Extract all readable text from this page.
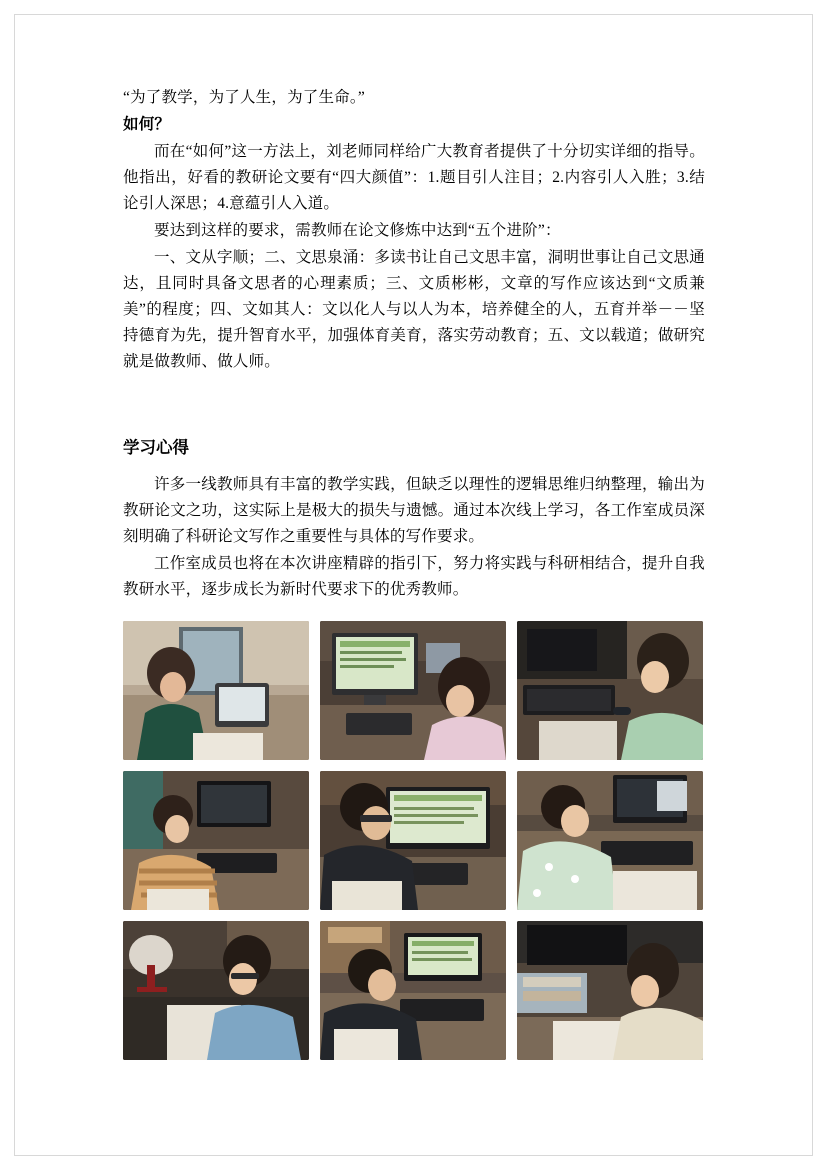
“为了教学，为了人生，为了生命。”

如何？

而在“如何”这一方法上，刘老师同样给广大教育者提供了十分切实详细的指导。他指出，好看的教研论文要有“四大颜值”：1.题目引人注目；2.内容引人入胜；3.结论引人深思；4.意蕴引人入道。

要达到这样的要求，需教师在论文修炼中达到“五个进阶”：

一、文从字顺；二、文思泉涌：多读书让自己文思丰富，洞明世事让自己文思通达，且同时具备文思者的心理素质；三、文质彬彬，文章的写作应该达到“文质兼美”的程度；四、文如其人：文以化人与以人为本，培养健全的人，五育并举－－坚持德育为先，提升智育水平，加强体育美育，落实劳动教育；五、文以载道；做研究就是做教师、做人师。

学习心得

许多一线教师具有丰富的教学实践，但缺乏以理性的逻辑思维归纳整理，输出为教研论文之功，这实际上是极大的损失与遗憾。通过本次线上学习，各工作室成员深刻明确了科研论文写作之重要性与具体的写作要求。

工作室成员也将在本次讲座精辟的指引下，努力将实践与科研相结合，提升自我教研水平，逐步成长为新时代要求下的优秀教师。
